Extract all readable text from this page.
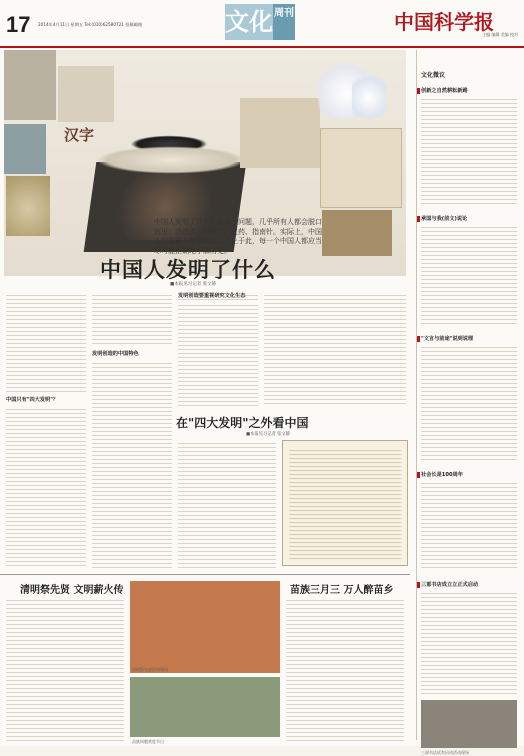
17 2014年4月11日 星期五 Tel:(010)62580721 投稿邮箱	文化 周刊	中国科学报
主编 编辑 美编 校对
汉字
中国人发明了什么？对这个问题，几乎所有人都会脱口而出：造纸术、印刷术、火药、指南针。实际上，中国人的智慧有其发明远远不止于此，每一个中国人都应当尽可能正确地了解历史。
中国人发明了什么
■本报见习记者 张文静
中国只有"四大发明"？
发明创造的中国特色
发明创造要重视研究文化生态
在"四大发明"之外看中国
■本报见习记者 张文静
文化微议
创新之自然耕耘新路
承国与我(前文)说论
"文言与前途"说到说理
社会长是100周年
三部书店成立立正式启动
三部书店试有启动活动现场
清明祭先贤 文明薪火传
清明祭先贤活动现场
苗族同胞欢度节日
苗族三月三 万人醉苗乡
